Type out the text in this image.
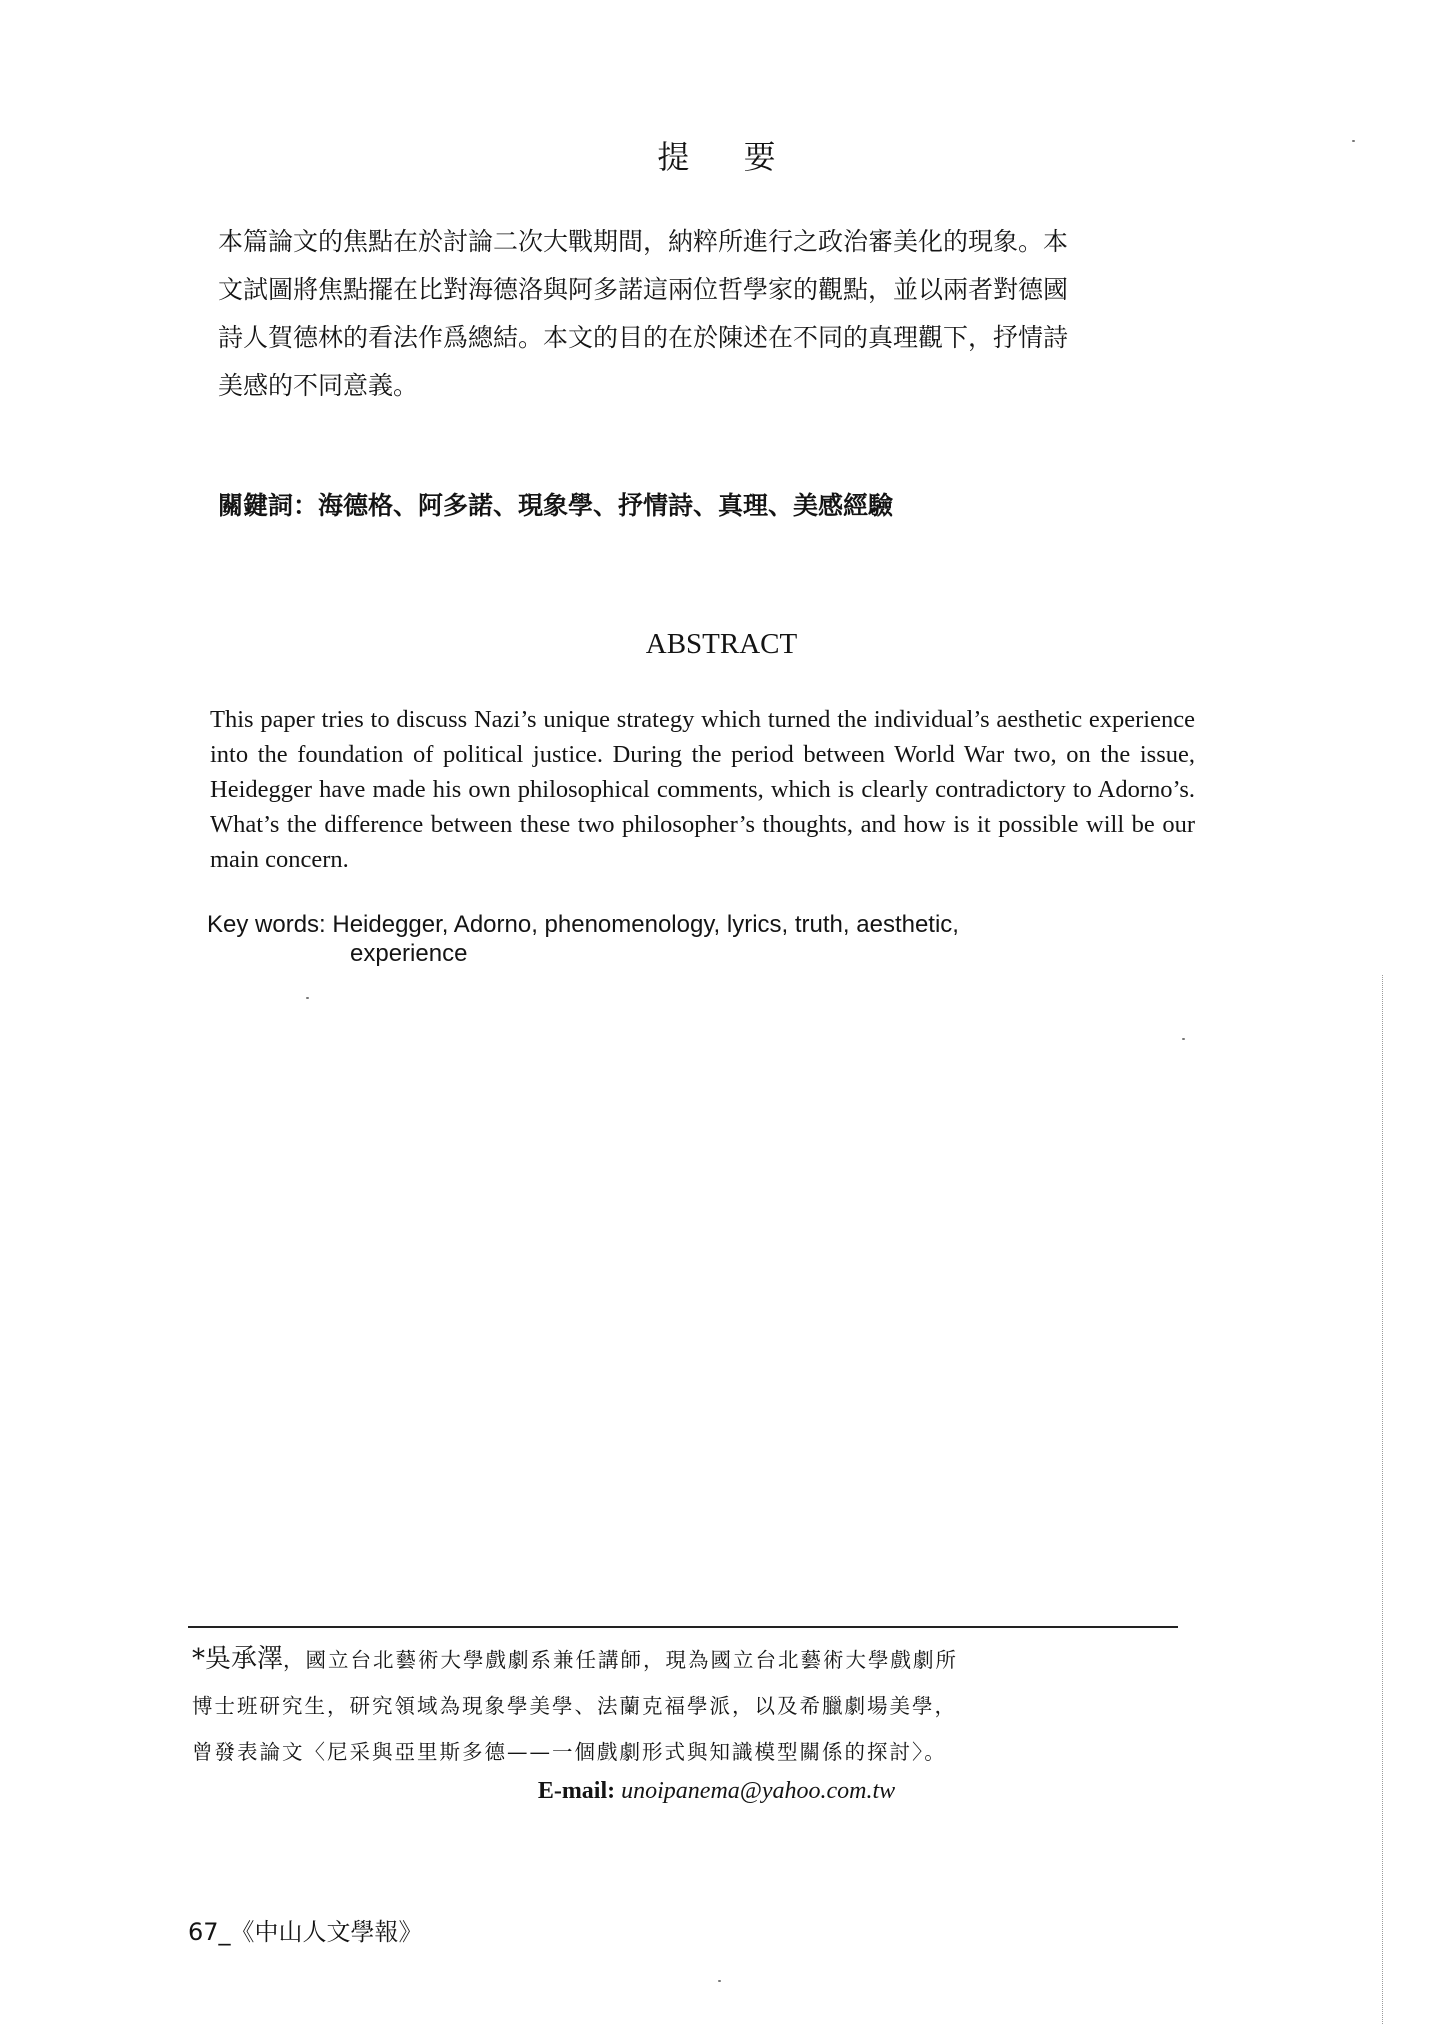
提 要
本篇論文的焦點在於討論二次大戰期間，納粹所進行之政治審美化的現象。本
文試圖將焦點擺在比對海德洛與阿多諾這兩位哲學家的觀點，並以兩者對德國
詩人賀德林的看法作爲總結。本文的目的在於陳述在不同的真理觀下，抒情詩
美感的不同意義。
關鍵詞：海德格、阿多諾、現象學、抒情詩、真理、美感經驗
ABSTRACT
This paper tries to discuss Nazi’s unique strategy which turned the individual’s aesthetic experience into the foundation of political justice. During the period between World War two, on the issue, Heidegger have made his own philosophical comments, which is clearly contradictory to Adorno’s. What’s the difference between these two philosopher’s thoughts, and how is it possible will be our main concern.
Key words: Heidegger, Adorno, phenomenology, lyrics, truth, aesthetic,
experience
*吳承澤，國立台北藝術大學戲劇系兼任講師，現為國立台北藝術大學戲劇所
博士班研究生，研究領域為現象學美學、法蘭克福學派，以及希臘劇場美學，
曾發表論文〈尼采與亞里斯多德——一個戲劇形式與知識模型關係的探討〉。
E-mail: unoipanema@yahoo.com.tw
67_《中山人文學報》
